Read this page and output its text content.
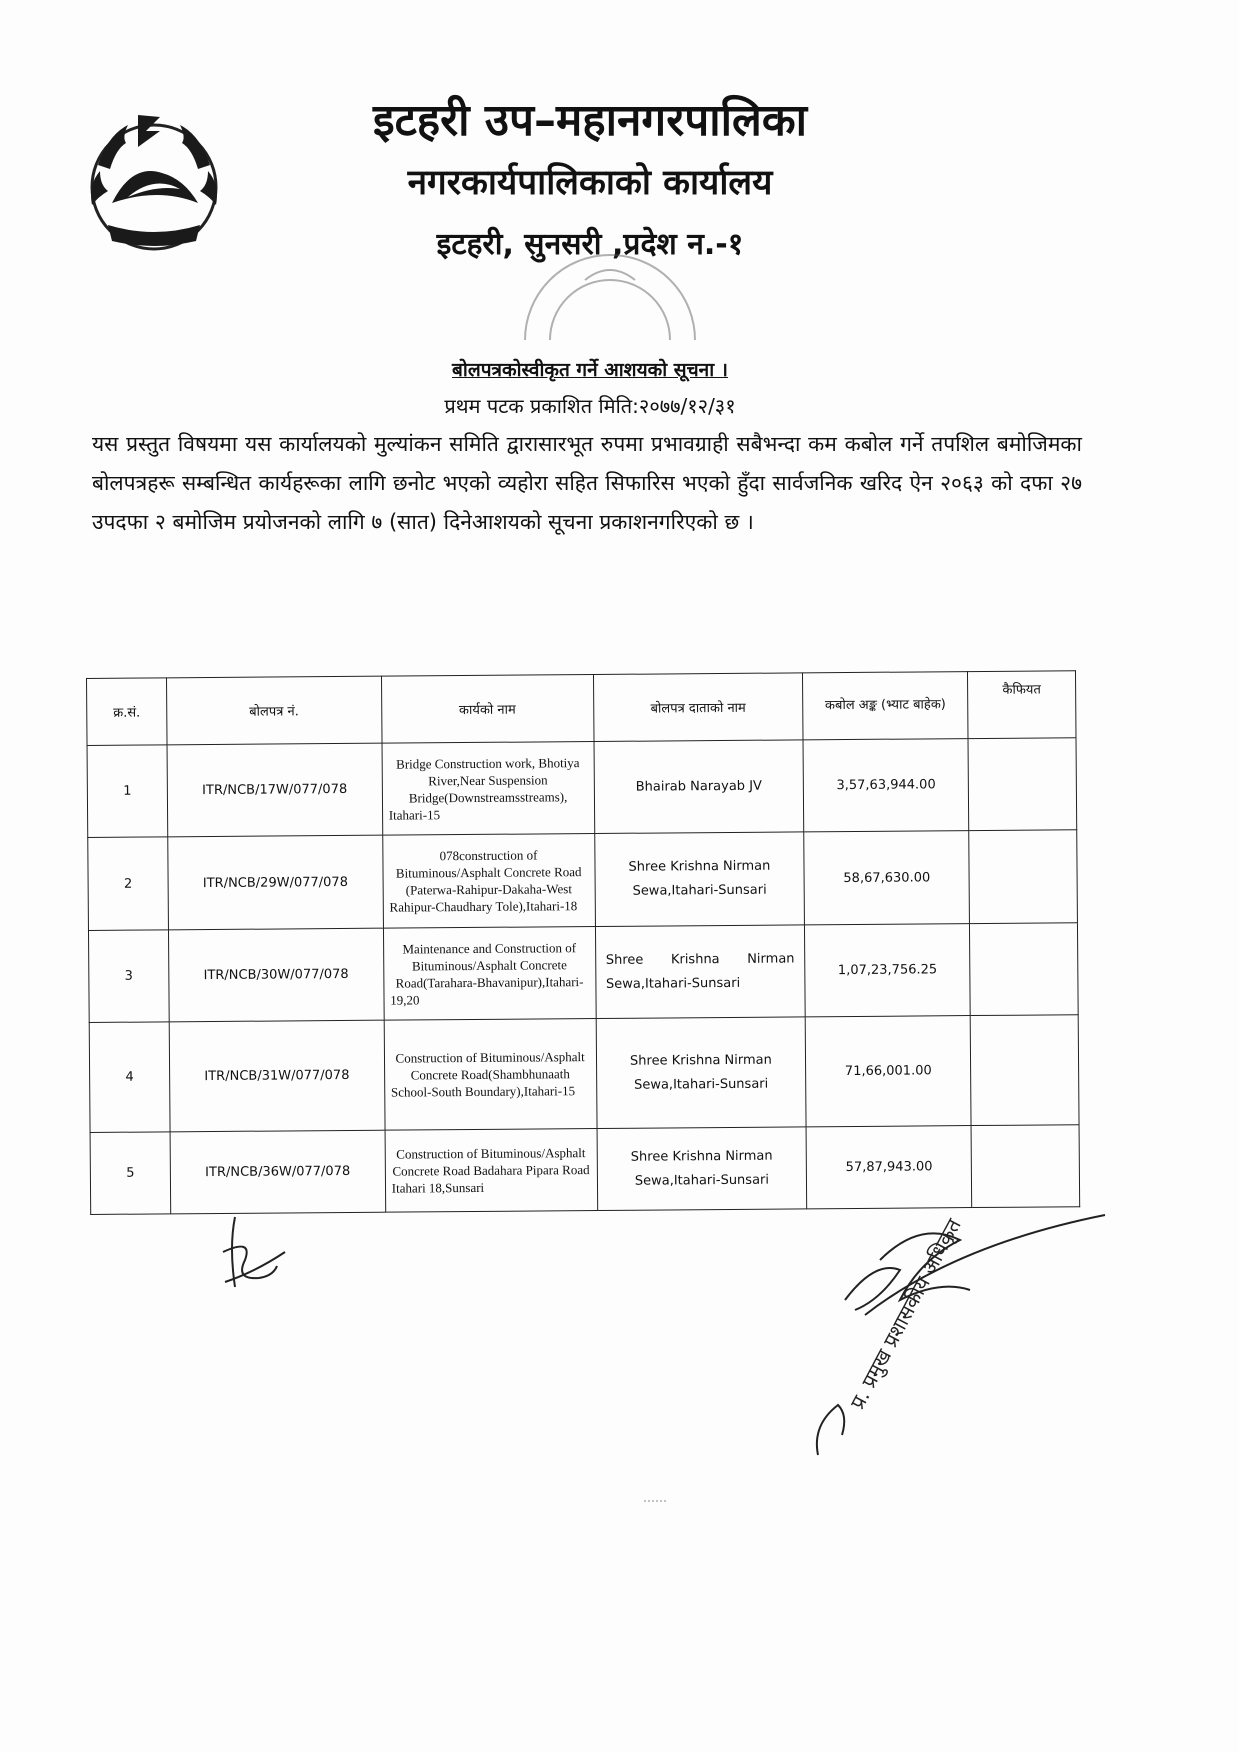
इटहरी उप–महानगरपालिका
नगरकार्यपालिकाको कार्यालय
इटहरी, सुनसरी ,प्रदेश न.-१
बोलपत्रकोस्वीकृत गर्ने आशयको सूचना ।
प्रथम पटक प्रकाशित मिति:२०७७/१२/३१
यस प्रस्तुत विषयमा यस कार्यालयको मुल्यांकन समिति द्वारासारभूत रुपमा प्रभावग्राही सबैभन्दा कम कबोल गर्ने तपशिल बमोजिमका बोलपत्रहरू सम्बन्धित कार्यहरूका लागि छनोट भएको व्यहोरा सहित सिफारिस भएको हुँदा सार्वजनिक खरिद ऐन २०६३ को दफा २७ उपदफा २ बमोजिम प्रयोजनको लागि ७ (सात) दिनेआशयको सूचना प्रकाशनगरिएको छ ।
क्र.सं.	बोलपत्र नं.	कार्यको नाम	बोलपत्र दाताको नाम	कबोल अङ्क (भ्याट बाहेक)	कैफियत
1	ITR/NCB/17W/077/078	Bridge Construction work, Bhotiya River,Near Suspension Bridge(Downstreamsstreams), Itahari-15	Bhairab Narayab JV	3,57,63,944.00	
2	ITR/NCB/29W/077/078	078construction of Bituminous/Asphalt Concrete Road (Paterwa-Rahipur-Dakaha-West Rahipur-Chaudhary Tole),Itahari-18	Shree Krishna Nirman Sewa,Itahari-Sunsari	58,67,630.00	
3	ITR/NCB/30W/077/078	Maintenance and Construction of Bituminous/Asphalt Concrete Road(Tarahara-Bhavanipur),Itahari-19,20	Shree Krishna Nirman Sewa,Itahari-Sunsari	1,07,23,756.25	
4	ITR/NCB/31W/077/078	Construction of Bituminous/Asphalt Concrete Road(Shambhunaath School-South Boundary),Itahari-15	Shree Krishna Nirman Sewa,Itahari-Sunsari	71,66,001.00	
5	ITR/NCB/36W/077/078	Construction of Bituminous/Asphalt Concrete Road Badahara Pipara Road Itahari 18,Sunsari	Shree Krishna Nirman Sewa,Itahari-Sunsari	57,87,943.00	
प्र. प्रमुख प्रशासकीय अधिकृत
